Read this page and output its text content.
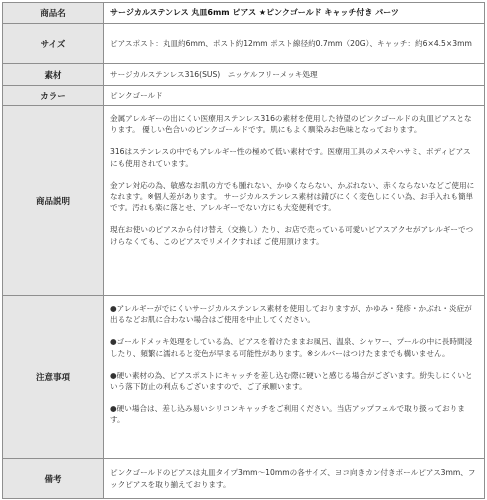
商品名	サージカルステンレス 丸皿6mm ピアス ★ピンクゴールド キャッチ付き パーツ
サイズ	ピアスポスト：丸皿約6mm、ポスト約12mm ポスト線径約0.7mm（20G）、キャッチ：約6×4.5×3mm
素材	サージカルステンレス316(SUS)　ニッケルフリーメッキ処理
カラー	ピンクゴールド
商品説明	金属アレルギーの出にくい医療用ステンレス316の素材を使用した待望のピンクゴールドの丸皿ピアスとなります。 優しい色合いのピンクゴールドです。肌にもよく馴染みお色味となっております。

316はステンレスの中でもアレルギー性の極めて低い素材です。医療用工具のメスやハサミ、ボディピアスにも使用されています。

金アレ対応の為、敏感なお肌の方でも腫れない、かゆくならない、かぶれない、赤くならないなどご使用になれます。※個人差があります。 サージカルステンレス素材は錆びにくく変色しにくい為、お手入れも簡単です。汚れも楽に落とせ、アレルギーでない方にも大変便利です。

現在お使いのピアスから付け替え（交換し）たり、お店で売っている可愛いピアスアクセがアレルギーでつけらなくても、このピアスでリメイクすれば ご使用頂けます。

注意事項	●アレルギーがでにくいサージカルステンレス素材を使用しておりますが、かゆみ・発疹・かぶれ・炎症が出るなどお肌に合わない場合はご使用を中止してください。

●ゴールドメッキ処理をしている為、ピアスを着けたままお風呂、温泉、シャワー、プールの中に長時間浸したり、頻繁に濡れると変色が早まる可能性があります。※シルバーはつけたままでも構いません。

●硬い素材の為、ピアスポストにキャッチを差し込む際に硬いと感じる場合がございます。紛失しにくいという落下防止の利点もございますので、ご了承願います。

●硬い場合は、差し込み易いシリコンキャッチをご利用ください。当店アップフェルで取り扱っております。

備考	ピンクゴールドのピアスは丸皿タイプ3mm〜10mmの各サイズ、ヨコ向きカン付きボールピアス3mm、フックピアスを取り揃えております。
